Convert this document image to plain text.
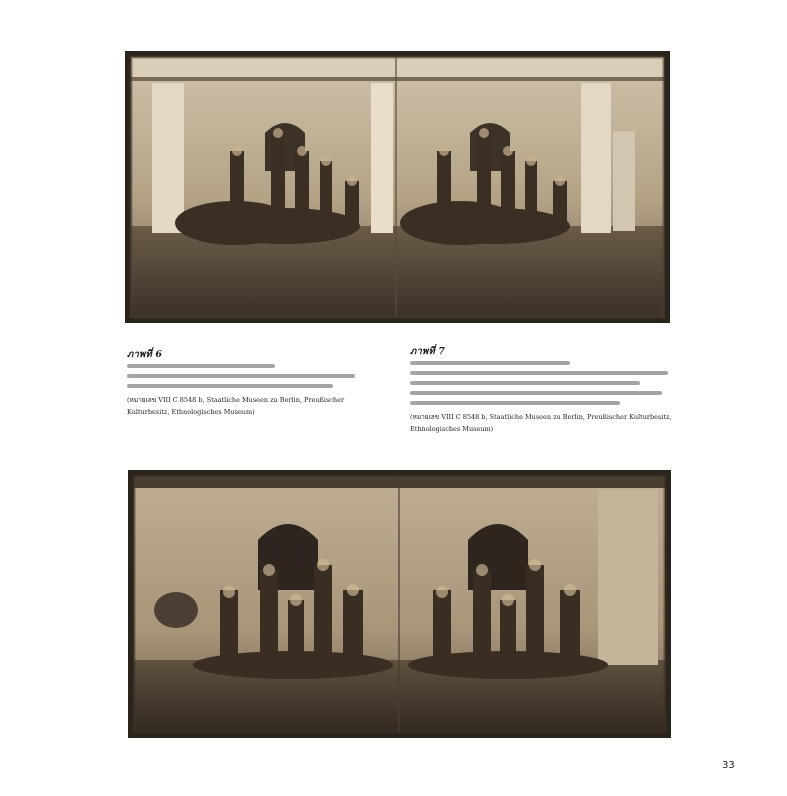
ภาพที่ 6
(หมายเลข VIII C 8548 b, Staatliche Museen zu Berlin, Preußischer Kulturbesitz, Ethnologisches Museum)
ภาพที่ 7
(หมายเลข VIII C 8548 b, Staatliche Museen zu Berlin, Preußischer Kulturbesitz, Ethnologisches Museum)
33
